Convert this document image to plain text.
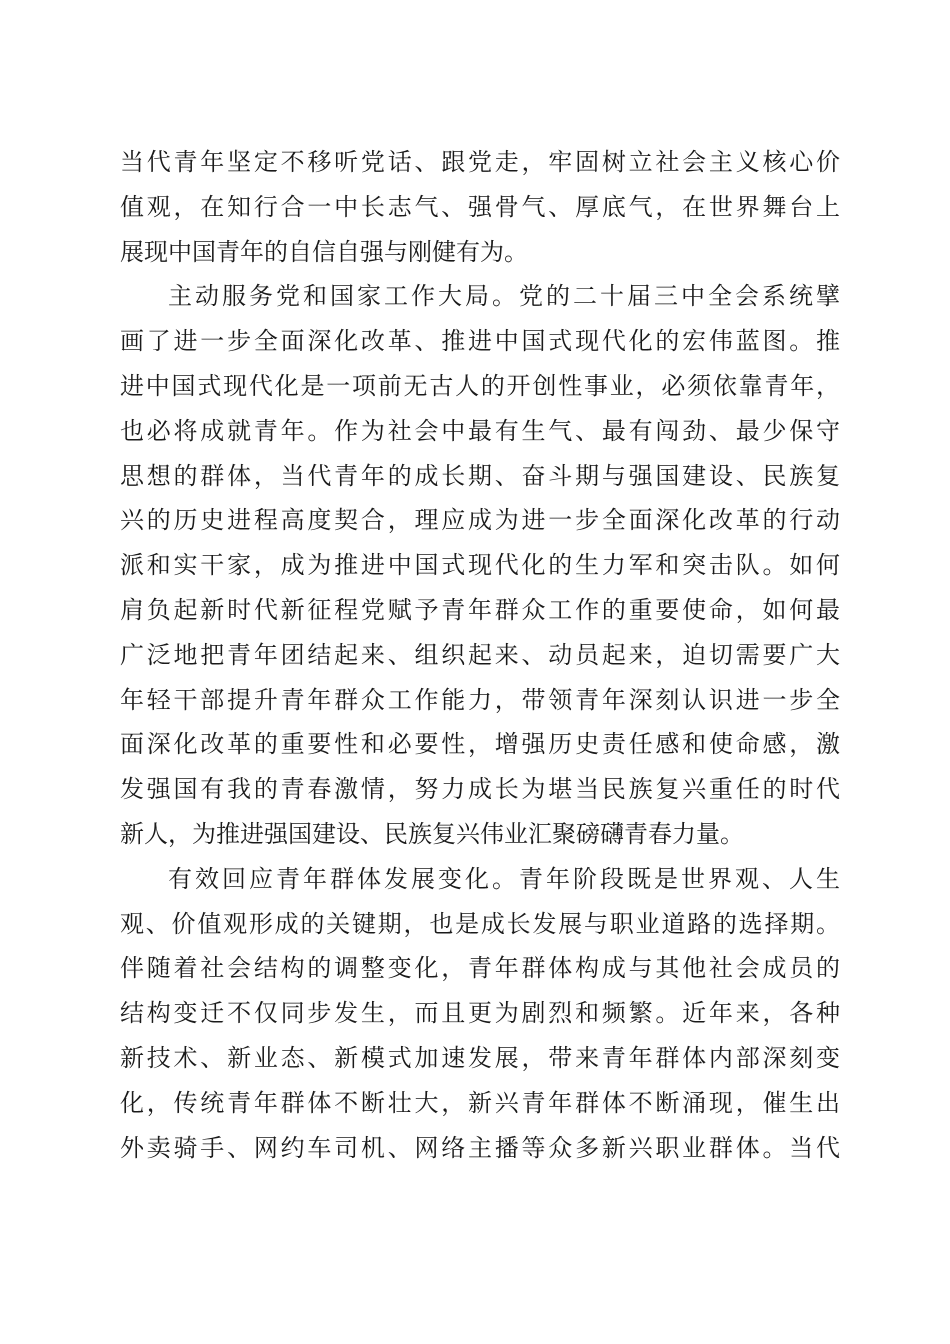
当代青年坚定不移听党话、跟党走，牢固树立社会主义核心价
值观，在知行合一中长志气、强骨气、厚底气，在世界舞台上
展现中国青年的自信自强与刚健有为。
主动服务党和国家工作大局。党的二十届三中全会系统擘
画了进一步全面深化改革、推进中国式现代化的宏伟蓝图。推
进中国式现代化是一项前无古人的开创性事业，必须依靠青年，
也必将成就青年。作为社会中最有生气、最有闯劲、最少保守
思想的群体，当代青年的成长期、奋斗期与强国建设、民族复
兴的历史进程高度契合，理应成为进一步全面深化改革的行动
派和实干家，成为推进中国式现代化的生力军和突击队。如何
肩负起新时代新征程党赋予青年群众工作的重要使命，如何最
广泛地把青年团结起来、组织起来、动员起来，迫切需要广大
年轻干部提升青年群众工作能力，带领青年深刻认识进一步全
面深化改革的重要性和必要性，增强历史责任感和使命感，激
发强国有我的青春激情，努力成长为堪当民族复兴重任的时代
新人，为推进强国建设、民族复兴伟业汇聚磅礴青春力量。
有效回应青年群体发展变化。青年阶段既是世界观、人生
观、价值观形成的关键期，也是成长发展与职业道路的选择期。
伴随着社会结构的调整变化，青年群体构成与其他社会成员的
结构变迁不仅同步发生，而且更为剧烈和频繁。近年来，各种
新技术、新业态、新模式加速发展，带来青年群体内部深刻变
化，传统青年群体不断壮大，新兴青年群体不断涌现，催生出
外卖骑手、网约车司机、网络主播等众多新兴职业群体。当代
